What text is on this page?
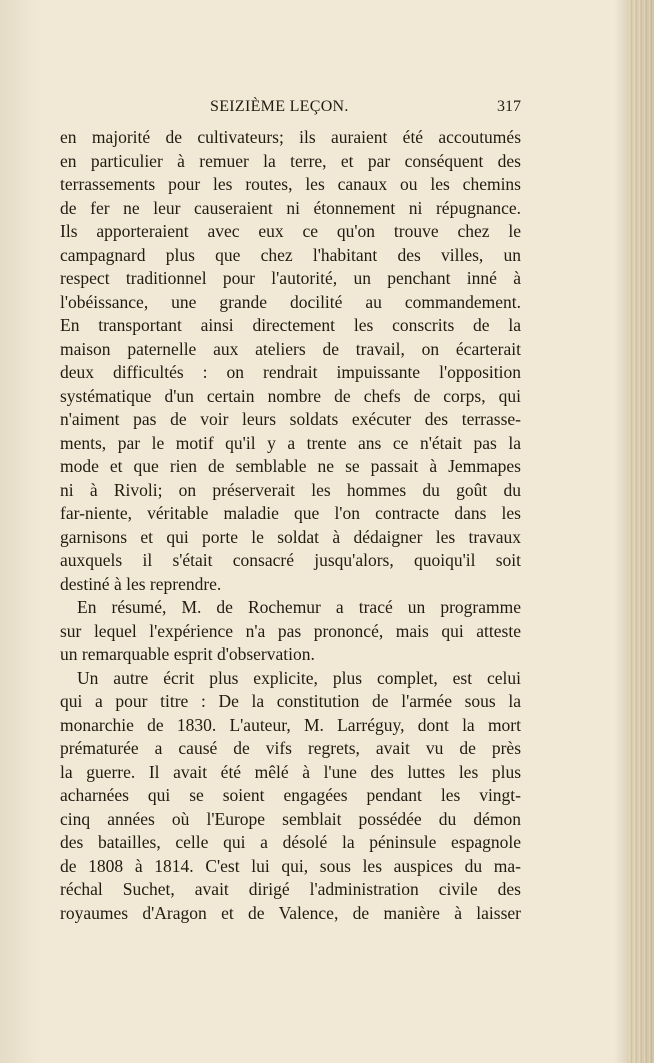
SEIZIÈME LEÇON.	317
en majorité de cultivateurs; ils auraient été accoutumés
en particulier à remuer la terre, et par conséquent des
terrassements pour les routes, les canaux ou les chemins
de fer ne leur causeraient ni étonnement ni répugnance.
Ils apporteraient avec eux ce qu'on trouve chez le
campagnard plus que chez l'habitant des villes, un
respect traditionnel pour l'autorité, un penchant inné à
l'obéissance, une grande docilité au commandement.
En transportant ainsi directement les conscrits de la
maison paternelle aux ateliers de travail, on écarterait
deux difficultés : on rendrait impuissante l'opposition
systématique d'un certain nombre de chefs de corps, qui
n'aiment pas de voir leurs soldats exécuter des terrasse-
ments, par le motif qu'il y a trente ans ce n'était pas la
mode et que rien de semblable ne se passait à Jemmapes
ni à Rivoli; on préserverait les hommes du goût du
far-niente, véritable maladie que l'on contracte dans les
garnisons et qui porte le soldat à dédaigner les travaux
auxquels il s'était consacré jusqu'alors, quoiqu'il soit
destiné à les reprendre.
En résumé, M. de Rochemur a tracé un programme
sur lequel l'expérience n'a pas prononcé, mais qui atteste
un remarquable esprit d'observation.
Un autre écrit plus explicite, plus complet, est celui
qui a pour titre : De la constitution de l'armée sous la
monarchie de 1830. L'auteur, M. Larréguy, dont la mort
prématurée a causé de vifs regrets, avait vu de près
la guerre. Il avait été mêlé à l'une des luttes les plus
acharnées qui se soient engagées pendant les vingt-
cinq années où l'Europe semblait possédée du démon
des batailles, celle qui a désolé la péninsule espagnole
de 1808 à 1814. C'est lui qui, sous les auspices du ma-
réchal Suchet, avait dirigé l'administration civile des
royaumes d'Aragon et de Valence, de manière à laisser
